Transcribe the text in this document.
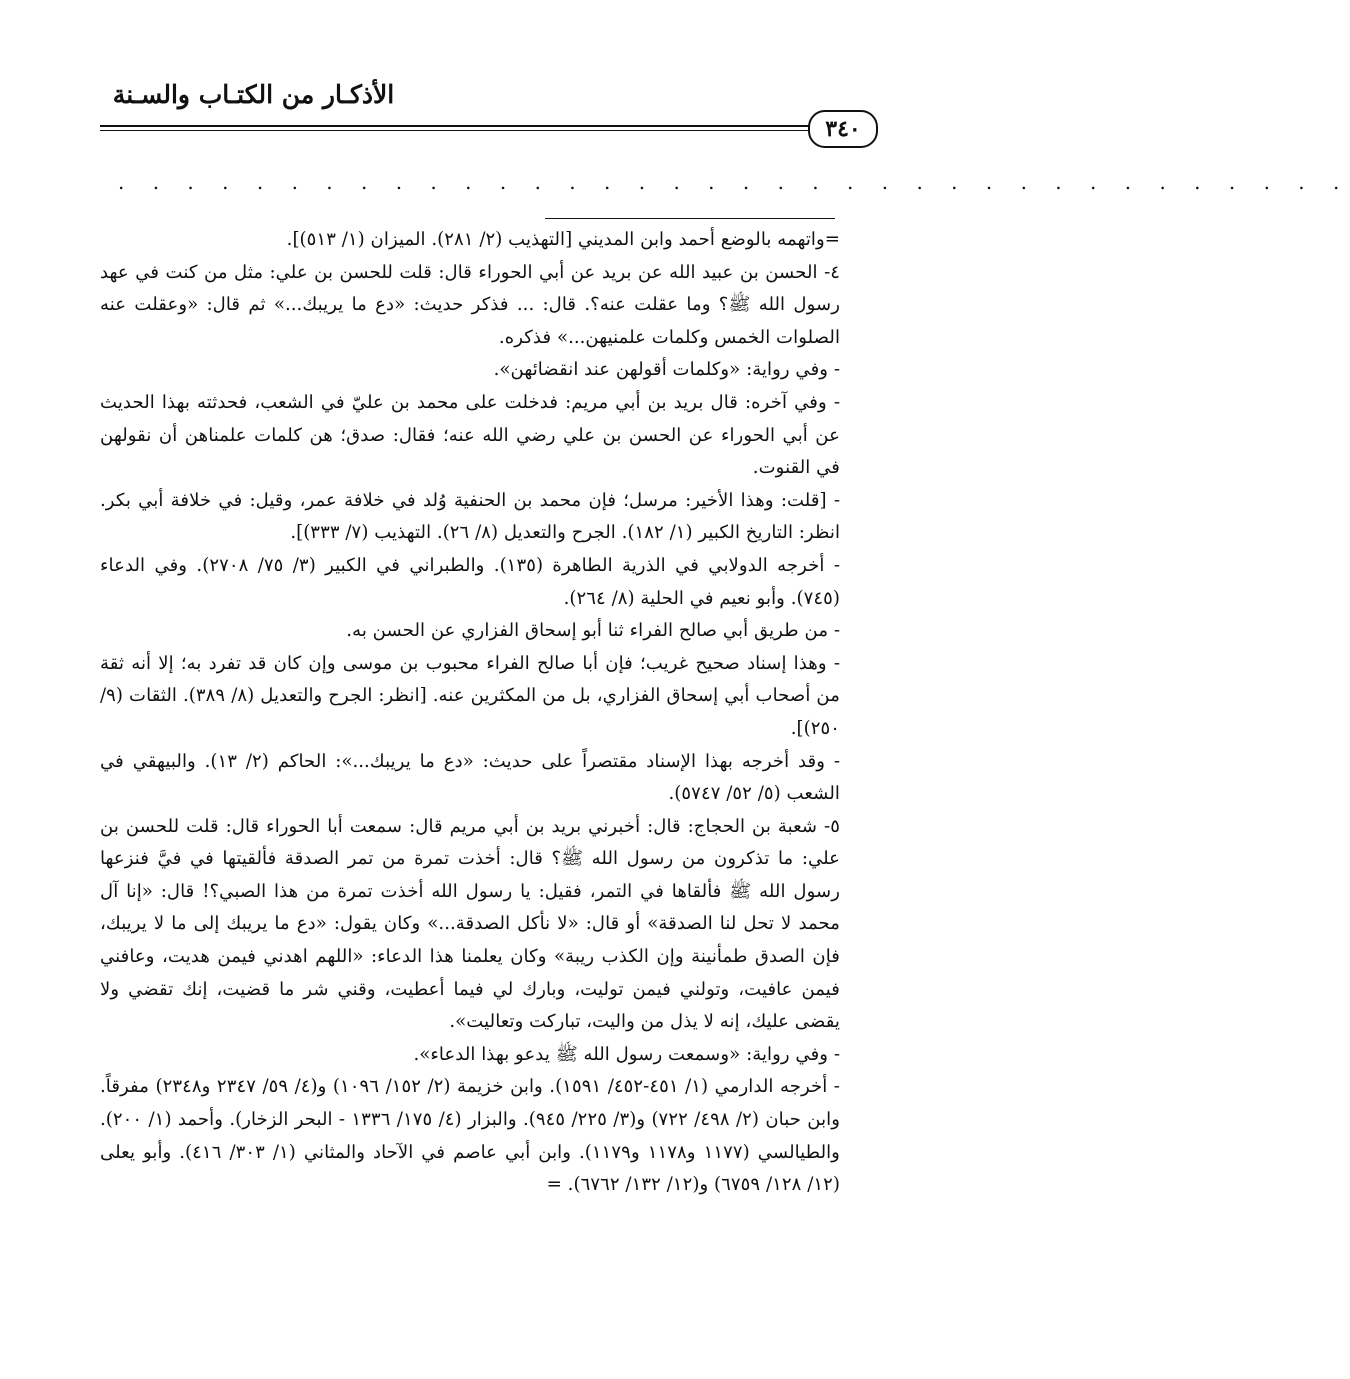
الأذكـار من الكتـاب والسـنة
٣٤٠
. . . . . . . . . . . . . . . . . . . . . . . . . . . . . . . . . . . .

=واتهمه بالوضع أحمد وابن المديني [التهذيب (٢/ ٢٨١). الميزان (١/ ٥١٣)].

٤- الحسن بن عبيد الله عن بريد عن أبي الحوراء قال: قلت للحسن بن علي: مثل من كنت في عهد رسول الله ﷺ؟ وما عقلت عنه؟. قال: ... فذكر حديث: «دع ما يريبك...» ثم قال: «وعقلت عنه الصلوات الخمس وكلمات علمنيهن...» فذكره.

- وفي رواية: «وكلمات أقولهن عند انقضائهن».

- وفي آخره: قال بريد بن أبي مريم: فدخلت على محمد بن عليّ في الشعب، فحدثته بهذا الحديث عن أبي الحوراء عن الحسن بن علي رضي الله عنه؛ فقال: صدق؛ هن كلمات علمناهن أن نقولهن في القنوت.

- [قلت: وهذا الأخير: مرسل؛ فإن محمد بن الحنفية وُلد في خلافة عمر، وقيل: في خلافة أبي بكر. انظر: التاريخ الكبير (١/ ١٨٢). الجرح والتعديل (٨/ ٢٦). التهذيب (٧/ ٣٣٣)].

- أخرجه الدولابي في الذرية الطاهرة (١٣٥). والطبراني في الكبير (٣/ ٧٥/ ٢٧٠٨). وفي الدعاء (٧٤٥). وأبو نعيم في الحلية (٨/ ٢٦٤).

- من طريق أبي صالح الفراء ثنا أبو إسحاق الفزاري عن الحسن به.

- وهذا إسناد صحيح غريب؛ فإن أبا صالح الفراء محبوب بن موسى وإن كان قد تفرد به؛ إلا أنه ثقة من أصحاب أبي إسحاق الفزاري، بل من المكثرين عنه. [انظر: الجرح والتعديل (٨/ ٣٨٩). الثقات (٩/ ٢٥٠)].

- وقد أخرجه بهذا الإسناد مقتصراً على حديث: «دع ما يريبك...»: الحاكم (٢/ ١٣). والبيهقي في الشعب (٥/ ٥٢/ ٥٧٤٧).

٥- شعبة بن الحجاج: قال: أخبرني بريد بن أبي مريم قال: سمعت أبا الحوراء قال: قلت للحسن بن علي: ما تذكرون من رسول الله ﷺ؟ قال: أخذت تمرة من تمر الصدقة فألقيتها في فيَّ فنزعها رسول الله ﷺ فألقاها في التمر، فقيل: يا رسول الله أخذت تمرة من هذا الصبي؟! قال: «إنا آل محمد لا تحل لنا الصدقة» أو قال: «لا نأكل الصدقة...» وكان يقول: «دع ما يريبك إلى ما لا يريبك، فإن الصدق طمأنينة وإن الكذب ريبة» وكان يعلمنا هذا الدعاء: «اللهم اهدني فيمن هديت، وعافني فيمن عافيت، وتولني فيمن توليت، وبارك لي فيما أعطيت، وقني شر ما قضيت، إنك تقضي ولا يقضى عليك، إنه لا يذل من واليت، تباركت وتعاليت».

- وفي رواية: «وسمعت رسول الله ﷺ يدعو بهذا الدعاء».

- أخرجه الدارمي (١/ ٤٥١-٤٥٢/ ١٥٩١). وابن خزيمة (٢/ ١٥٢/ ١٠٩٦) و(٤/ ٥٩/ ٢٣٤٧ و٢٣٤٨) مفرقاً. وابن حبان (٢/ ٤٩٨/ ٧٢٢) و(٣/ ٢٢٥/ ٩٤٥). والبزار (٤/ ١٧٥/ ١٣٣٦ - البحر الزخار). وأحمد (١/ ٢٠٠). والطيالسي (١١٧٧ و١١٧٨ و١١٧٩). وابن أبي عاصم في الآحاد والمثاني (١/ ٣٠٣/ ٤١٦). وأبو يعلى (١٢/ ١٢٨/ ٦٧٥٩) و(١٢/ ١٣٢/ ٦٧٦٢). =
